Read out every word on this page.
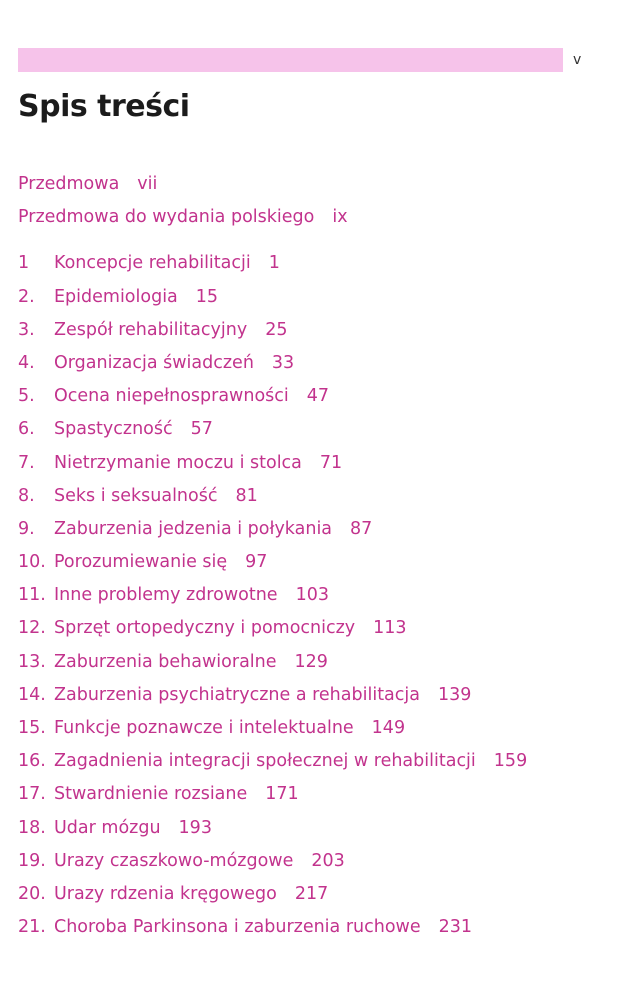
v
Spis treści
Przedmowa vii
Przedmowa do wydania polskiego ix
1 Koncepcje rehabilitacji 1
2. Epidemiologia 15
3. Zespół rehabilitacyjny 25
4. Organizacja świadczeń 33
5. Ocena niepełnosprawności 47
6. Spastyczność 57
7. Nietrzymanie moczu i stolca 71
8. Seks i seksualność 81
9. Zaburzenia jedzenia i połykania 87
10. Porozumiewanie się 97
11. Inne problemy zdrowotne 103
12. Sprzęt ortopedyczny i pomocniczy 113
13. Zaburzenia behawioralne 129
14. Zaburzenia psychiatryczne a rehabilitacja 139
15. Funkcje poznawcze i intelektualne 149
16. Zagadnienia integracji społecznej w rehabilitacji 159
17. Stwardnienie rozsiane 171
18. Udar mózgu 193
19. Urazy czaszkowo-mózgowe 203
20. Urazy rdzenia kręgowego 217
21. Choroba Parkinsona i zaburzenia ruchowe 231
